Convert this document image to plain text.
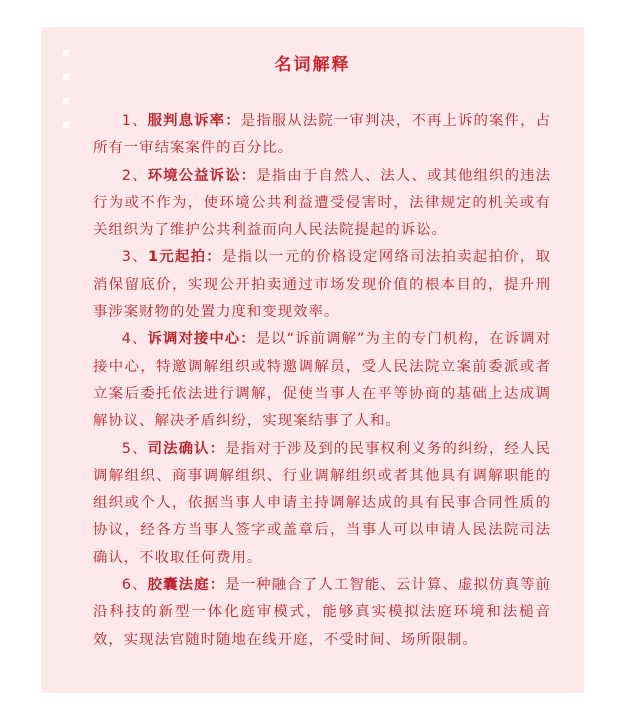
名词解释

1、服判息诉率：是指服从法院一审判决，不再上诉的案件，占所有一审结案案件的百分比。

2、环境公益诉讼：是指由于自然人、法人、或其他组织的违法行为或不作为，使环境公共利益遭受侵害时，法律规定的机关或有关组织为了维护公共利益而向人民法院提起的诉讼。

3、1元起拍：是指以一元的价格设定网络司法拍卖起拍价，取消保留底价，实现公开拍卖通过市场发现价值的根本目的，提升刑事涉案财物的处置力度和变现效率。

4、诉调对接中心：是以“诉前调解”为主的专门机构，在诉调对接中心，特邀调解组织或特邀调解员，受人民法院立案前委派或者立案后委托依法进行调解，促使当事人在平等协商的基础上达成调解协议、解决矛盾纠纷，实现案结事了人和。

5、司法确认：是指对于涉及到的民事权利义务的纠纷，经人民调解组织、商事调解组织、行业调解组织或者其他具有调解职能的组织或个人，依据当事人申请主持调解达成的具有民事合同性质的协议，经各方当事人签字或盖章后，当事人可以申请人民法院司法确认，不收取任何费用。

6、胶囊法庭：是一种融合了人工智能、云计算、虚拟仿真等前沿科技的新型一体化庭审模式，能够真实模拟法庭环境和法槌音效，实现法官随时随地在线开庭，不受时间、场所限制。
